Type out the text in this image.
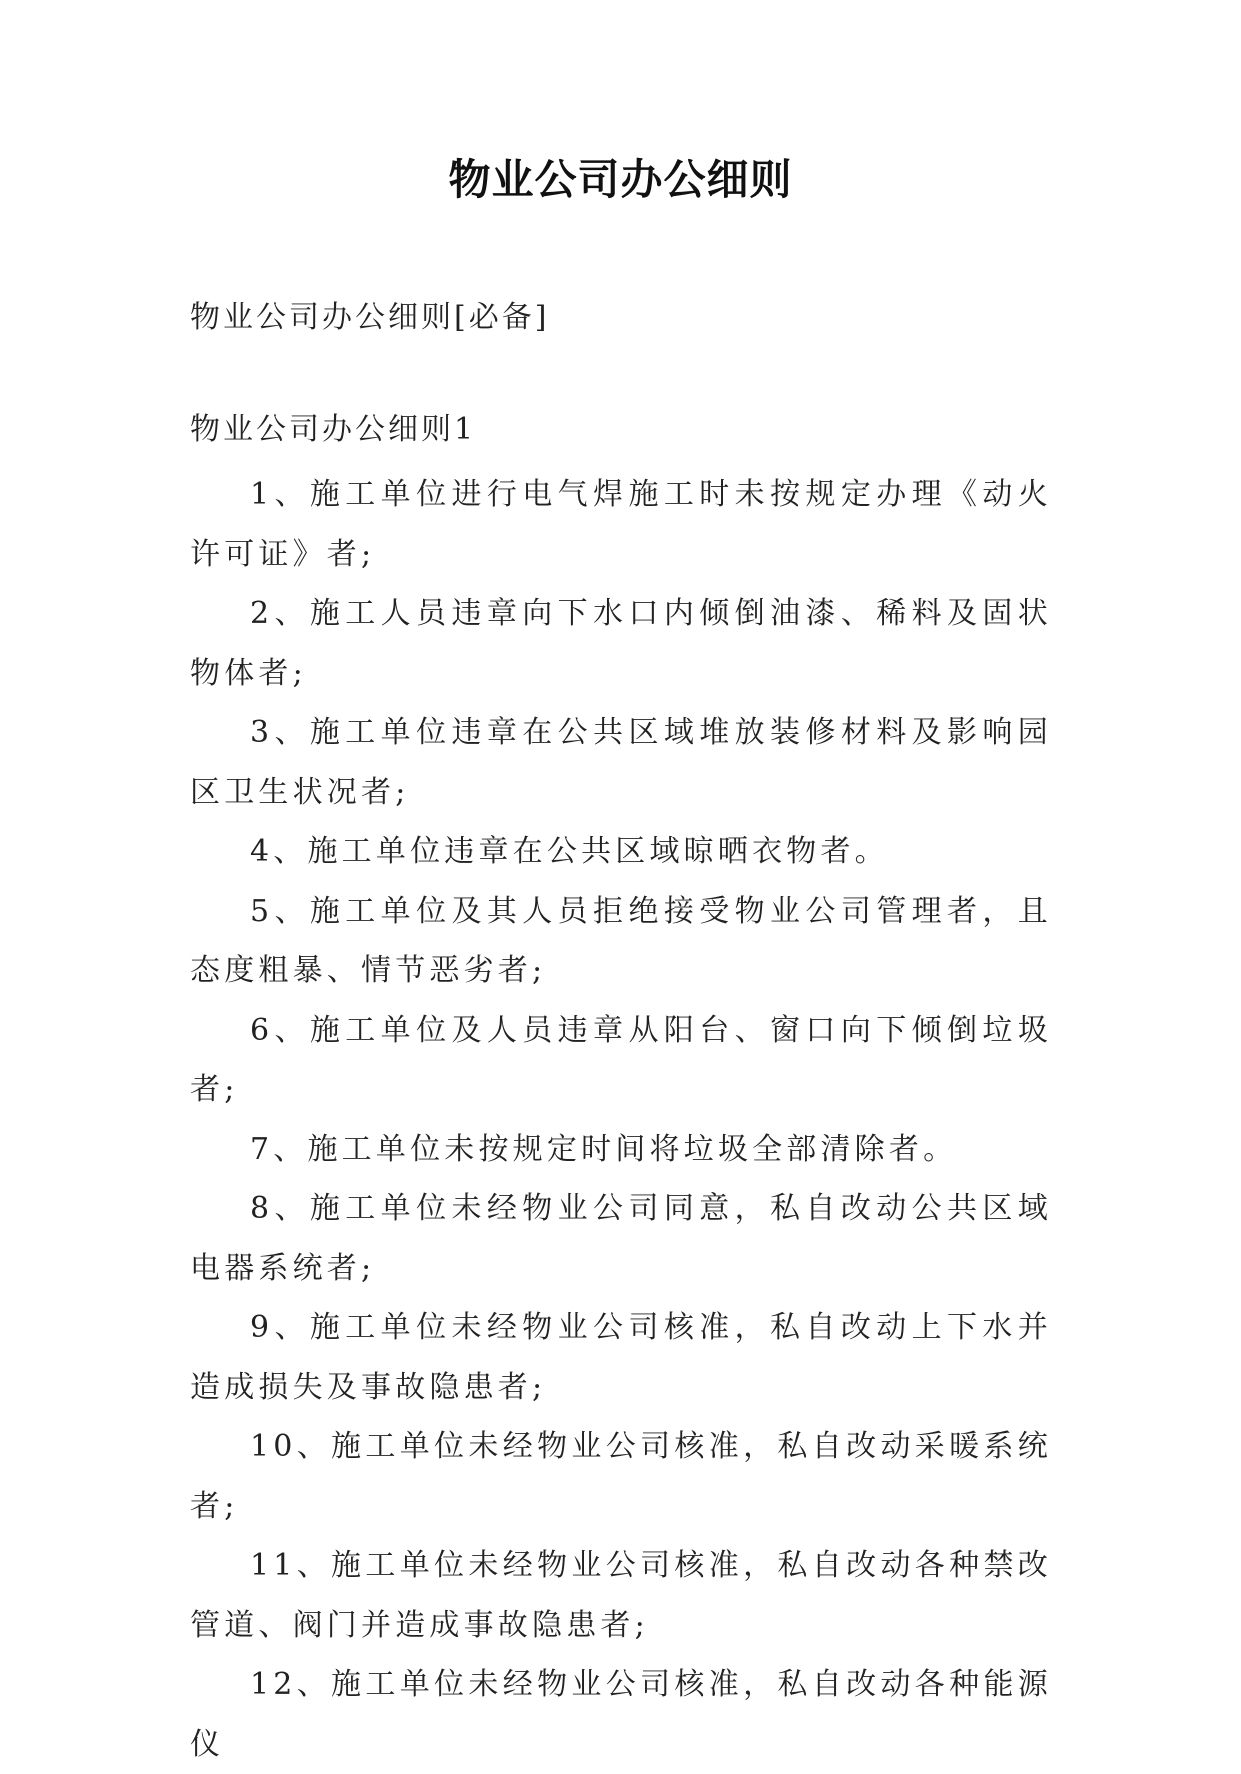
物业公司办公细则
物业公司办公细则[必备]
物业公司办公细则1

1、施工单位进行电气焊施工时未按规定办理《动火许可证》者;

2、施工人员违章向下水口内倾倒油漆、稀料及固状物体者;

3、施工单位违章在公共区域堆放装修材料及影响园区卫生状况者;

4、施工单位违章在公共区域晾晒衣物者。

5、施工单位及其人员拒绝接受物业公司管理者，且态度粗暴、情节恶劣者;

6、施工单位及人员违章从阳台、窗口向下倾倒垃圾者;

7、施工单位未按规定时间将垃圾全部清除者。

8、施工单位未经物业公司同意，私自改动公共区域电器系统者;

9、施工单位未经物业公司核准，私自改动上下水并造成损失及事故隐患者;

10、施工单位未经物业公司核准，私自改动采暖系统者;

11、施工单位未经物业公司核准，私自改动各种禁改管道、阀门并造成事故隐患者;

12、施工单位未经物业公司核准，私自改动各种能源仪
